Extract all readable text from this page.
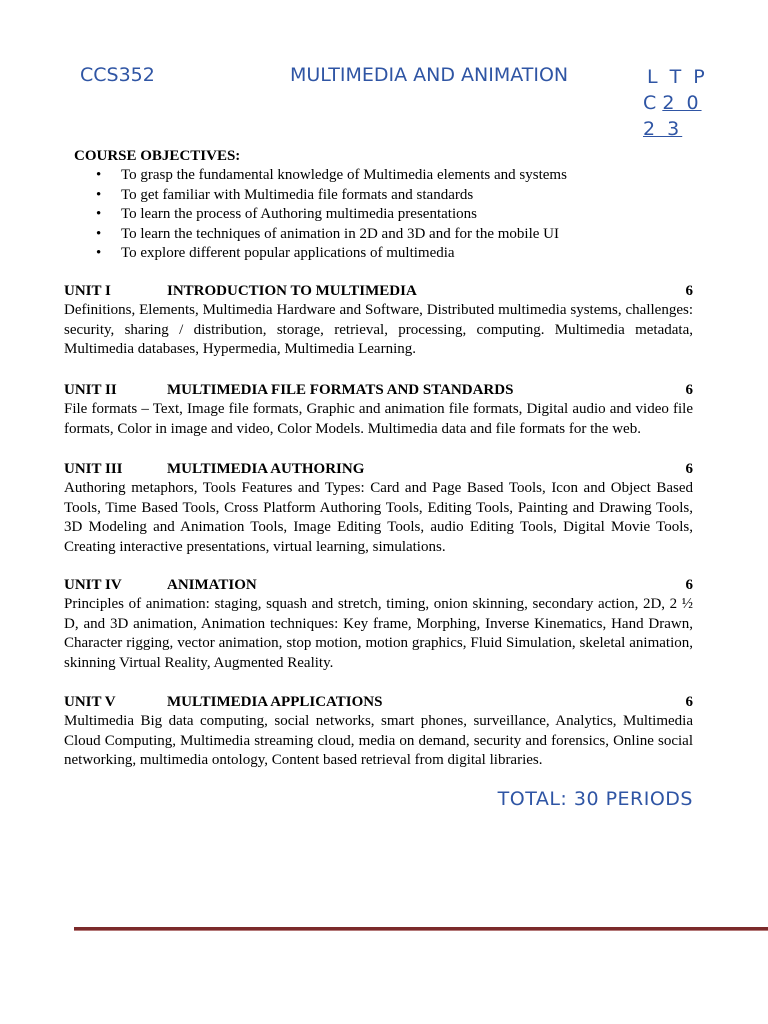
CCS352	MULTIMEDIA AND ANIMATION	L T P
C 2 0
2 3

COURSE OBJECTIVES:

• To grasp the fundamental knowledge of Multimedia elements and systems
• To get familiar with Multimedia file formats and standards
• To learn the process of Authoring multimedia presentations
• To learn the techniques of animation in 2D and 3D and for the mobile UI
• To explore different popular applications of multimedia
UNIT I	INTRODUCTION TO MULTIMEDIA	6

Definitions, Elements, Multimedia Hardware and Software, Distributed multimedia systems, challenges: security, sharing / distribution, storage, retrieval, processing, computing. Multimedia metadata, Multimedia databases, Hypermedia, Multimedia Learning.

UNIT II	MULTIMEDIA FILE FORMATS AND STANDARDS	6

File formats – Text, Image file formats, Graphic and animation file formats, Digital audio and video file formats, Color in image and video, Color Models. Multimedia data and file formats for the web.

UNIT III	MULTIMEDIA AUTHORING	6

Authoring metaphors, Tools Features and Types: Card and Page Based Tools, Icon and Object Based Tools, Time Based Tools, Cross Platform Authoring Tools, Editing Tools, Painting and Drawing Tools, 3D Modeling and Animation Tools, Image Editing Tools, audio Editing Tools, Digital Movie Tools, Creating interactive presentations, virtual learning, simulations.

UNIT IV	ANIMATION	6

Principles of animation: staging, squash and stretch, timing, onion skinning, secondary action, 2D, 2 ½ D, and 3D animation, Animation techniques: Key frame, Morphing, Inverse Kinematics, Hand Drawn, Character rigging, vector animation, stop motion, motion graphics, Fluid Simulation, skeletal animation, skinning Virtual Reality, Augmented Reality.

UNIT V	MULTIMEDIA APPLICATIONS	6

Multimedia Big data computing, social networks, smart phones, surveillance, Analytics, Multimedia Cloud Computing, Multimedia streaming cloud, media on demand, security and forensics, Online social networking, multimedia ontology, Content based retrieval from digital libraries.

TOTAL: 30 PERIODS
